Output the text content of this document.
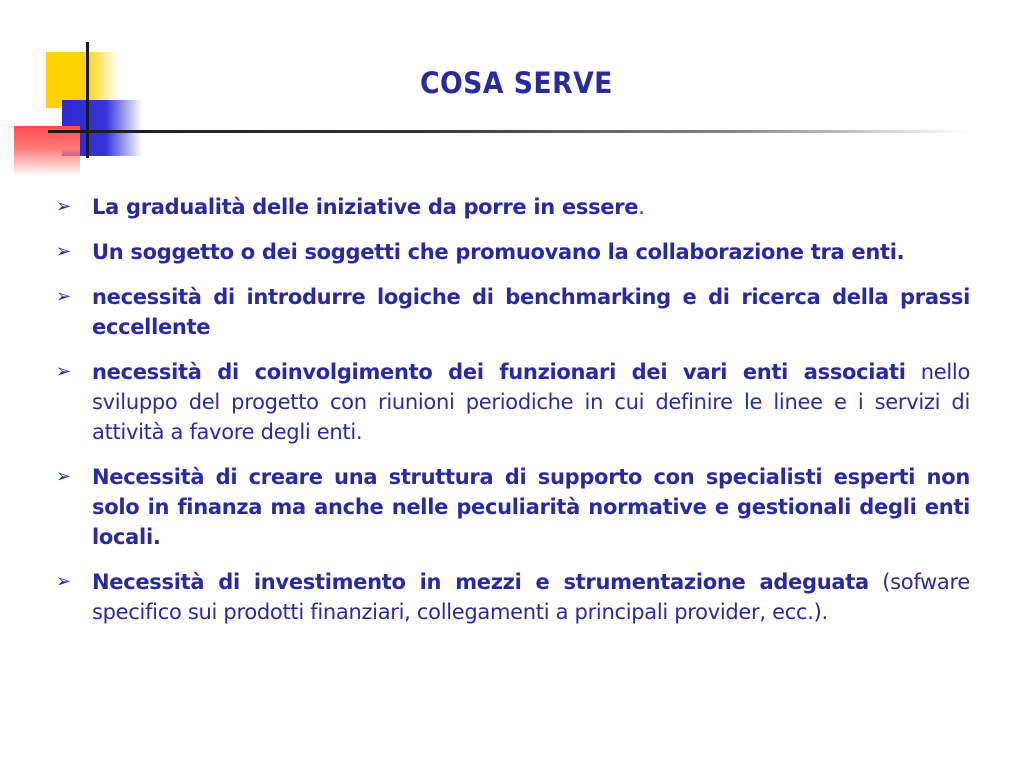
COSA SERVE
➢ La gradualità delle iniziative da porre in essere.
➢ Un soggetto o dei soggetti che promuovano la collaborazione tra enti.
➢ necessità di introdurre logiche di benchmarking e di ricerca della prassi eccellente
➢ necessità di coinvolgimento dei funzionari dei vari enti associati nello sviluppo del progetto con riunioni periodiche in cui definire le linee e i servizi di attività a favore degli enti.
➢ Necessità di creare una struttura di supporto con specialisti esperti non solo in finanza ma anche nelle peculiarità normative e gestionali degli enti locali.
➢ Necessità di investimento in mezzi e strumentazione adeguata (sofware specifico sui prodotti finanziari, collegamenti a principali provider, ecc.).
